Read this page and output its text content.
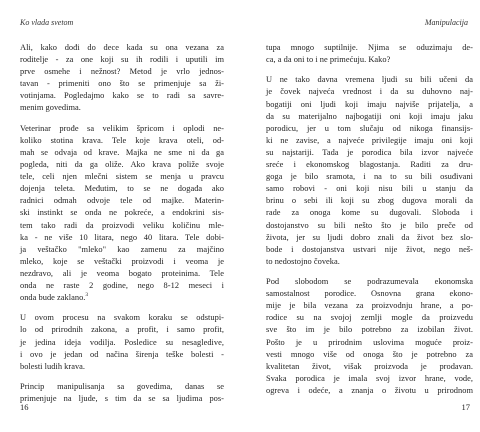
Ko vlada svetom
Ali, kako dođi do dece kada su ona vezana za
roditelje - za one koji su ih rodili i uputili im
prve osmehe i nežnost? Metod je vrlo jednos-
tavan - primeniti ono što se primenjuje sa ži-
votinjama. Pogledajmo kako se to radi sa savre-
menim govedima.
Veterinar prođe sa velikim špricom i oplodi ne-
koliko stotina krava. Tele koje krava oteli, od-
mah se odvaja od krave. Majka ne sme ni da ga
pogleda, niti da ga oliže. Ako krava poliže svoje
tele, celi njen mlečni sistem se menja u pravcu
dojenja teleta. Međutim, to se ne događa ako
radnici odmah odvoje tele od majke. Materin-
ski instinkt se onda ne pokreće, a endokrini sis-
tem tako radi da proizvodi veliku količinu mle-
ka - ne više 10 litara, nego 40 litara. Tele dobi-
ja veštačko "mleko" kao zamenu za majčino
mleko, koje se veštački proizvodi i veoma je
nezdravo, ali je veoma bogato proteinima. Tele
onda ne raste 2 godine, nego 8-12 meseci i
onda bude zaklano.$^3$
U ovom procesu na svakom koraku se odstupi-
lo od prirodnih zakona, a profit, i samo profit,
je jedina ideja vodilja. Posledice su nesagledive,
i ovo je jedan od načina širenja teške bolesti -
bolesti ludih krava.
Princip manipulisanja sa govedima, danas se
primenjuje na ljude, s tim da se sa ljudima pos-
16
Manipulacija
tupa mnogo suptilnije. Njima se oduzimaju de-
ca, a da oni to i ne primećuju. Kako?
U ne tako davna vremena ljudi su bili učeni da
je čovek najveća vrednost i da su duhovno naj-
bogatiji oni ljudi koji imaju najviše prijatelja, a
da su materijalno najbogatiji oni koji imaju jaku
porodicu, jer u tom slučaju od nikoga finansijs-
ki ne zavise, a najveće privilegije imaju oni koji
su najstariji. Tada je porodica bila izvor najveće
sreće i ekonomskog blagostanja. Raditi za dru-
goga je bilo sramota, i na to su bili osuđivani
samo robovi - oni koji nisu bili u stanju da
brinu o sebi ili koji su zbog dugova morali da
rade za onoga kome su dugovali. Sloboda i
dostojanstvo su bili nešto što je bilo preče od
života, jer su ljudi dobro znali da život bez slo-
bode i dostojanstva ustvari nije život, nego neš-
to nedostojno čoveka.
Pod slobodom se podrazumevala ekonomska
samostalnost porodice. Osnovna grana ekono-
mije je bila vezana za proizvodnju hrane, a po-
rodice su na svojoj zemlji mogle da proizvedu
sve što im je bilo potrebno za izobilan život.
Pošto je u prirodnim uslovima moguće proiz-
vesti mnogo više od onoga što je potrebno za
kvalitetan život, višak proizvoda je prodavan.
Svaka porodica je imala svoj izvor hrane, vode,
ogreva i odeće, a znanja o životu u prirodnom
17
